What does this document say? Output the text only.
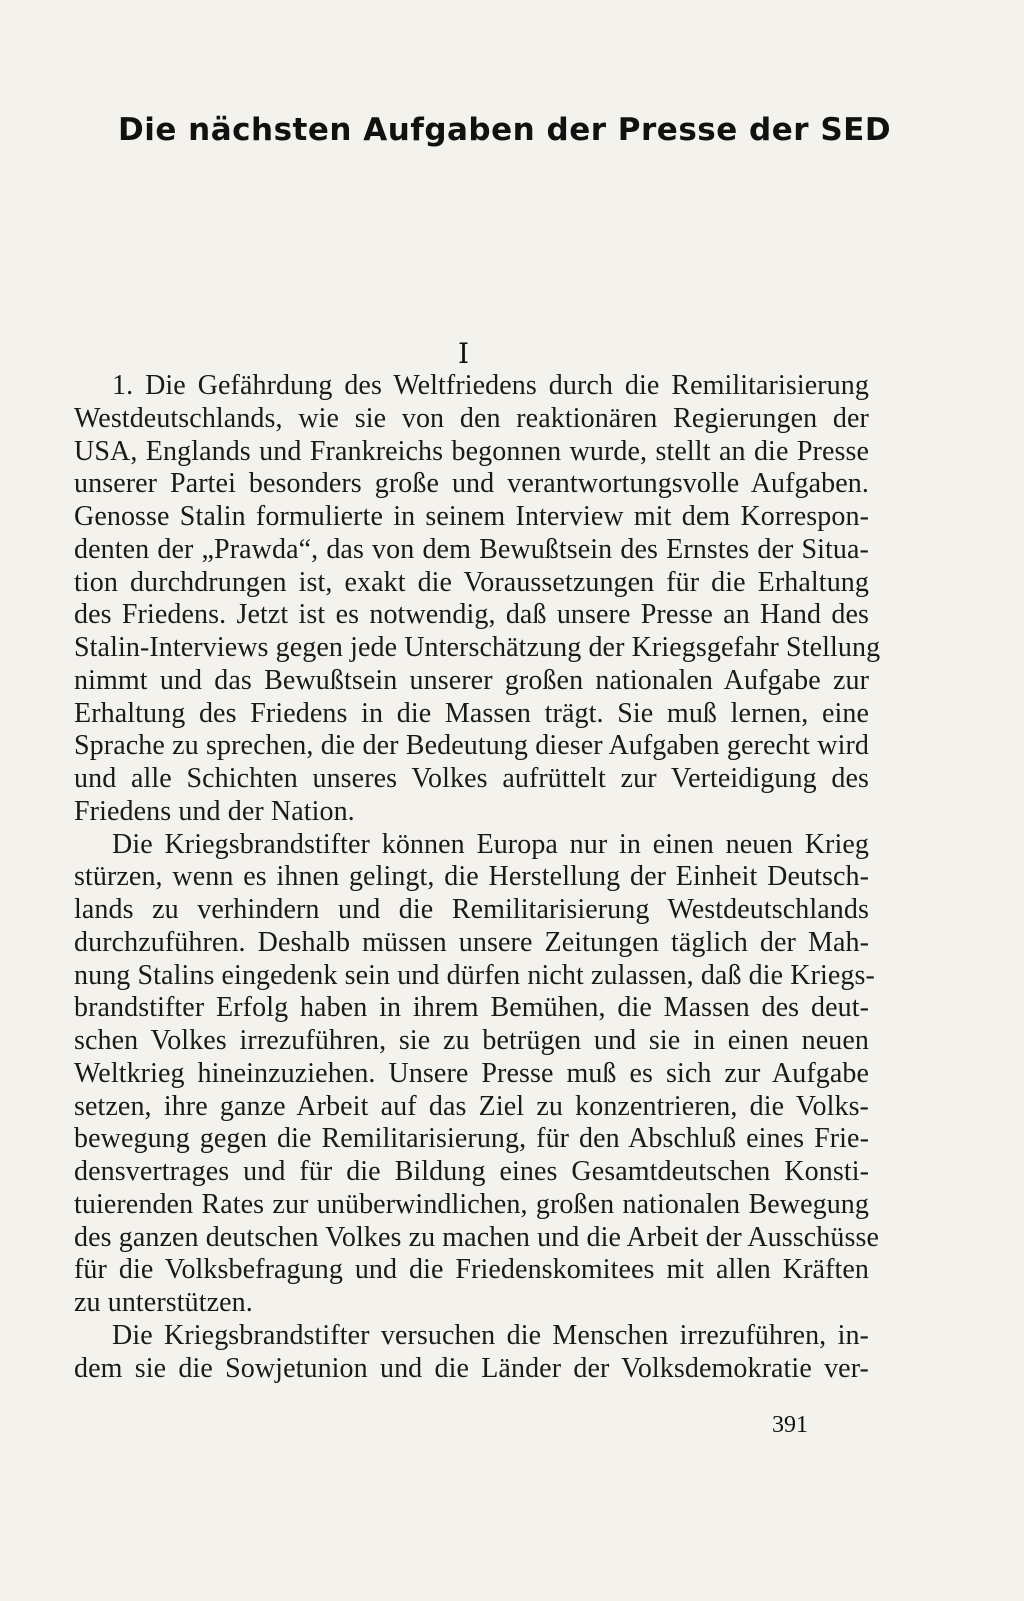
Die nächsten Aufgaben der Presse der SED
I

1. Die Gefährdung des Weltfriedens durch die Remilitarisierung
Westdeutschlands, wie sie von den reaktionären Regierungen der
USA, Englands und Frankreichs begonnen wurde, stellt an die Presse
unserer Partei besonders große und verantwortungsvolle Aufgaben.
Genosse Stalin formulierte in seinem Interview mit dem Korrespon-
denten der „Prawda“, das von dem Bewußtsein des Ernstes der Situa-
tion durchdrungen ist, exakt die Voraussetzungen für die Erhaltung
des Friedens. Jetzt ist es notwendig, daß unsere Presse an Hand des
Stalin-Interviews gegen jede Unterschätzung der Kriegsgefahr Stellung
nimmt und das Bewußtsein unserer großen nationalen Aufgabe zur
Erhaltung des Friedens in die Massen trägt. Sie muß lernen, eine
Sprache zu sprechen, die der Bedeutung dieser Aufgaben gerecht wird
und alle Schichten unseres Volkes aufrüttelt zur Verteidigung des
Friedens und der Nation.

Die Kriegsbrandstifter können Europa nur in einen neuen Krieg
stürzen, wenn es ihnen gelingt, die Herstellung der Einheit Deutsch-
lands zu verhindern und die Remilitarisierung Westdeutschlands
durchzuführen. Deshalb müssen unsere Zeitungen täglich der Mah-
nung Stalins eingedenk sein und dürfen nicht zulassen, daß die Kriegs-
brandstifter Erfolg haben in ihrem Bemühen, die Massen des deut-
schen Volkes irrezuführen, sie zu betrügen und sie in einen neuen
Weltkrieg hineinzuziehen. Unsere Presse muß es sich zur Aufgabe
setzen, ihre ganze Arbeit auf das Ziel zu konzentrieren, die Volks-
bewegung gegen die Remilitarisierung, für den Abschluß eines Frie-
densvertrages und für die Bildung eines Gesamtdeutschen Konsti-
tuierenden Rates zur unüberwindlichen, großen nationalen Bewegung
des ganzen deutschen Volkes zu machen und die Arbeit der Ausschüsse
für die Volksbefragung und die Friedenskomitees mit allen Kräften
zu unterstützen.

Die Kriegsbrandstifter versuchen die Menschen irrezuführen, in-
dem sie die Sowjetunion und die Länder der Volksdemokratie ver-

391
